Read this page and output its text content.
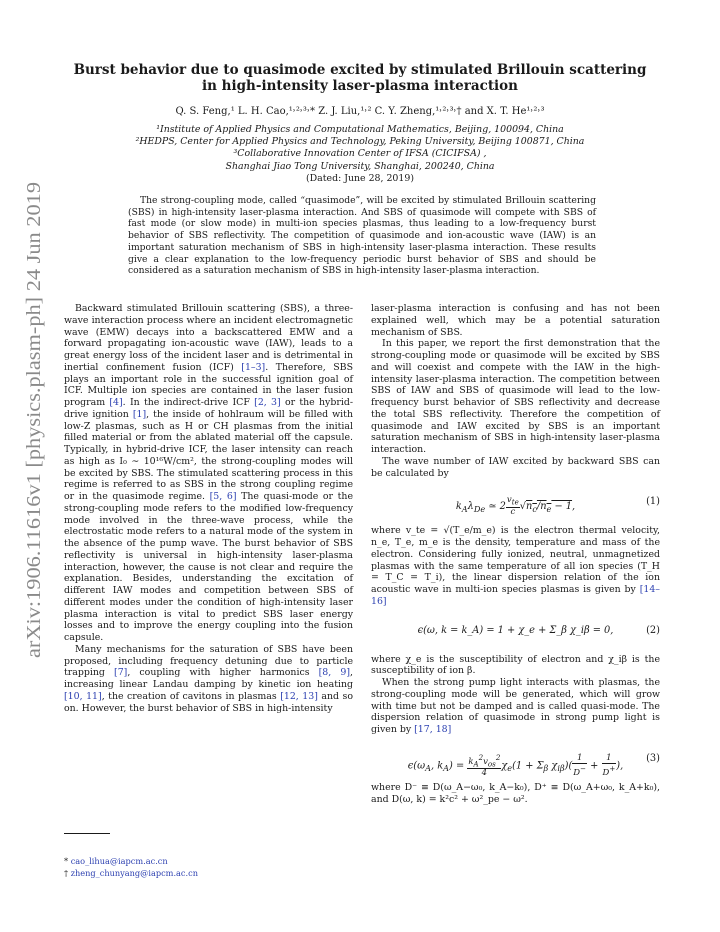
arXiv:1906.11616v1 [physics.plasm-ph] 24 Jun 2019
Burst behavior due to quasimode excited by stimulated Brillouin scattering in high-intensity laser-plasma interaction
Q. S. Feng,¹ L. H. Cao,¹˒²˒³˒* Z. J. Liu,¹˒² C. Y. Zheng,¹˒²˒³˒† and X. T. He¹˒²˒³
¹Institute of Applied Physics and Computational Mathematics, Beijing, 100094, China
²HEDPS, Center for Applied Physics and Technology, Peking University, Beijing 100871, China
³Collaborative Innovation Center of IFSA (CICIFSA) ,
Shanghai Jiao Tong University, Shanghai, 200240, China
(Dated: June 28, 2019)
The strong-coupling mode, called “quasimode”, will be excited by stimulated Brillouin scattering (SBS) in high-intensity laser-plasma interaction. And SBS of quasimode will compete with SBS of fast mode (or slow mode) in multi-ion species plasmas, thus leading to a low-frequency burst behavior of SBS reflectivity. The competition of quasimode and ion-acoustic wave (IAW) is an important saturation mechanism of SBS in high-intensity laser-plasma interaction. These results give a clear explanation to the low-frequency periodic burst behavior of SBS and should be considered as a saturation mechanism of SBS in high-intensity laser-plasma interaction.

Backward stimulated Brillouin scattering (SBS), a three-wave interaction process where an incident electromagnetic wave (EMW) decays into a backscattered EMW and a forward propagating ion-acoustic wave (IAW), leads to a great energy loss of the incident laser and is detrimental in inertial confinement fusion (ICF) [1–3]. Therefore, SBS plays an important role in the successful ignition goal of ICF. Multiple ion species are contained in the laser fusion program [4]. In the indirect-drive ICF [2, 3] or the hybrid-drive ignition [1], the inside of hohlraum will be filled with low-Z plasmas, such as H or CH plasmas from the initial filled material or from the ablated material off the capsule. Typically, in hybrid-drive ICF, the laser intensity can reach as high as I₀ ∼ 10¹⁶W/cm², the strong-coupling modes will be excited by SBS. The stimulated scattering process in this regime is referred to as SBS in the strong coupling regime or in the quasimode regime. [5, 6] The quasi-mode or the strong-coupling mode refers to the modified low-frequency mode involved in the three-wave process, while the electrostatic mode refers to a natural mode of the system in the absence of the pump wave. The burst behavior of SBS reflectivity is universal in high-intensity laser-plasma interaction, however, the cause is not clear and require the explanation. Besides, understanding the excitation of different IAW modes and competition between SBS of different modes under the condition of high-intensity laser plasma interaction is vital to predict SBS laser energy losses and to improve the energy coupling into the fusion capsule.

Many mechanisms for the saturation of SBS have been proposed, including frequency detuning due to particle trapping [7], coupling with higher harmonics [8, 9], increasing linear Landau damping by kinetic ion heating [10, 11], the creation of cavitons in plasmas [12, 13] and so on. However, the burst behavior of SBS in high-intensity

laser-plasma interaction is confusing and has not been explained well, which may be a potential saturation mechanism of SBS.

In this paper, we report the first demonstration that the strong-coupling mode or quasimode will be excited by SBS and will coexist and compete with the IAW in the high-intensity laser-plasma interaction. The competition between SBS of IAW and SBS of quasimode will lead to the low-frequency burst behavior of SBS reflectivity and decrease the total SBS reflectivity. Therefore the competition of quasimode and IAW excited by SBS is an important saturation mechanism of SBS in high-intensity laser-plasma interaction.

The wave number of IAW excited by backward SBS can be calculated by

$k_A\lambda_{De}$ ≃ $2 \frac{v_{te}}{c} √n_c/n_e - 1$,	(1)

where v_te = √(T_e/m_e) is the electron thermal velocity, n_e, T_e, m_e is the density, temperature and mass of the electron. Considering fully ionized, neutral, unmagnetized plasmas with the same temperature of all ion species (T_H = T_C = T_i), the linear dispersion relation of the ion acoustic wave in multi-ion species plasmas is given by [14–16]

ϵ(ω, k = k_A) = 1 + χ_e + Σ_β χ_iβ = 0,	(2)

where χ_e is the susceptibility of electron and χ_iβ is the susceptibility of ion β.

When the strong pump light interacts with plasmas, the strong-coupling mode will be generated, which will grow with time but not be damped and is called quasi-mode. The dispersion relation of quasimode in strong pump light is given by [17, 18]

$\epsilon(\omega_A$, $k_A) = \frac{k_A^2v_{os}^2}{4} \chi_e(1 + \Sigma_\beta$ $\chi_{i\beta})( \frac{1}{D^-} + \frac{1}{D^+}$ ),
(3)

where D⁻ ≡ D(ω_A−ω₀, k_A−k₀), D⁺ ≡ D(ω_A+ω₀, k_A+k₀), and D(ω, k) = k²c² + ω²_pe − ω².

* cao_lihua@iapcm.ac.cn
† zheng_chunyang@iapcm.ac.cn
